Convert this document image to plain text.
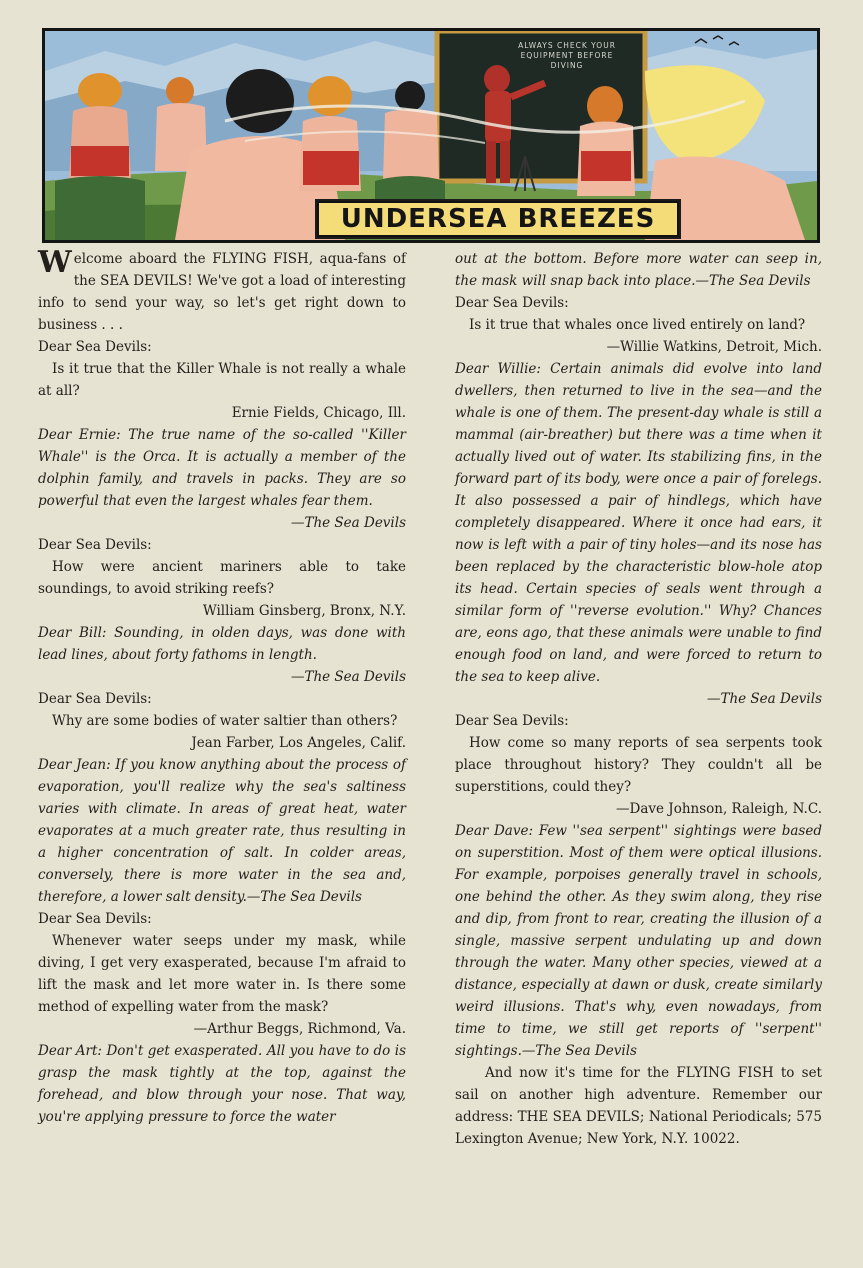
ALWAYS CHECK YOUR EQUIPMENT BEFORE DIVING
UNDERSEA BREEZES

Welcome aboard the FLYING FISH, aqua-fans of the SEA DEVILS! We've got a load of interesting info to send your way, so let's get right down to business . . .

Dear Sea Devils:

Is it true that the Killer Whale is not really a whale at all?

Ernie Fields, Chicago, Ill.

Dear Ernie: The true name of the so-called ''Killer Whale'' is the Orca. It is actually a member of the dolphin family, and travels in packs. They are so powerful that even the largest whales fear them.

—The Sea Devils

Dear Sea Devils:

How were ancient mariners able to take soundings, to avoid striking reefs?

William Ginsberg, Bronx, N.Y.

Dear Bill: Sounding, in olden days, was done with lead lines, about forty fathoms in length.

—The Sea Devils

Dear Sea Devils:

Why are some bodies of water saltier than others?

Jean Farber, Los Angeles, Calif.

Dear Jean: If you know anything about the process of evaporation, you'll realize why the sea's saltiness varies with climate. In areas of great heat, water evaporates at a much greater rate, thus resulting in a higher concentration of salt. In colder areas, conversely, there is more water in the sea and, therefore, a lower salt density.—The Sea Devils

Dear Sea Devils:

Whenever water seeps under my mask, while diving, I get very exasperated, because I'm afraid to lift the mask and let more water in. Is there some method of expelling water from the mask?

—Arthur Beggs, Richmond, Va.

Dear Art: Don't get exasperated. All you have to do is grasp the mask tightly at the top, against the forehead, and blow through your nose. That way, you're applying pressure to force the water

out at the bottom. Before more water can seep in, the mask will snap back into place.—The Sea Devils

Dear Sea Devils:

Is it true that whales once lived entirely on land?

—Willie Watkins, Detroit, Mich.

Dear Willie: Certain animals did evolve into land dwellers, then returned to live in the sea—and the whale is one of them. The present-day whale is still a mammal (air-breather) but there was a time when it actually lived out of water. Its stabilizing fins, in the forward part of its body, were once a pair of forelegs. It also possessed a pair of hindlegs, which have completely disappeared. Where it once had ears, it now is left with a pair of tiny holes—and its nose has been replaced by the characteristic blow-hole atop its head. Certain species of seals went through a similar form of ''reverse evolution.'' Why? Chances are, eons ago, that these animals were unable to find enough food on land, and were forced to return to the sea to keep alive.

—The Sea Devils

Dear Sea Devils:

How come so many reports of sea serpents took place throughout history? They couldn't all be superstitions, could they?

—Dave Johnson, Raleigh, N.C.

Dear Dave: Few ''sea serpent'' sightings were based on superstition. Most of them were optical illusions. For example, porpoises generally travel in schools, one behind the other. As they swim along, they rise and dip, from front to rear, creating the illusion of a single, massive serpent undulating up and down through the water. Many other species, viewed at a distance, especially at dawn or dusk, create similarly weird illusions. That's why, even nowadays, from time to time, we still get reports of ''serpent'' sightings.—The Sea Devils

And now it's time for the FLYING FISH to set sail on another high adventure. Remember our address: THE SEA DEVILS; National Periodicals; 575 Lexington Avenue; New York, N.Y. 10022.
